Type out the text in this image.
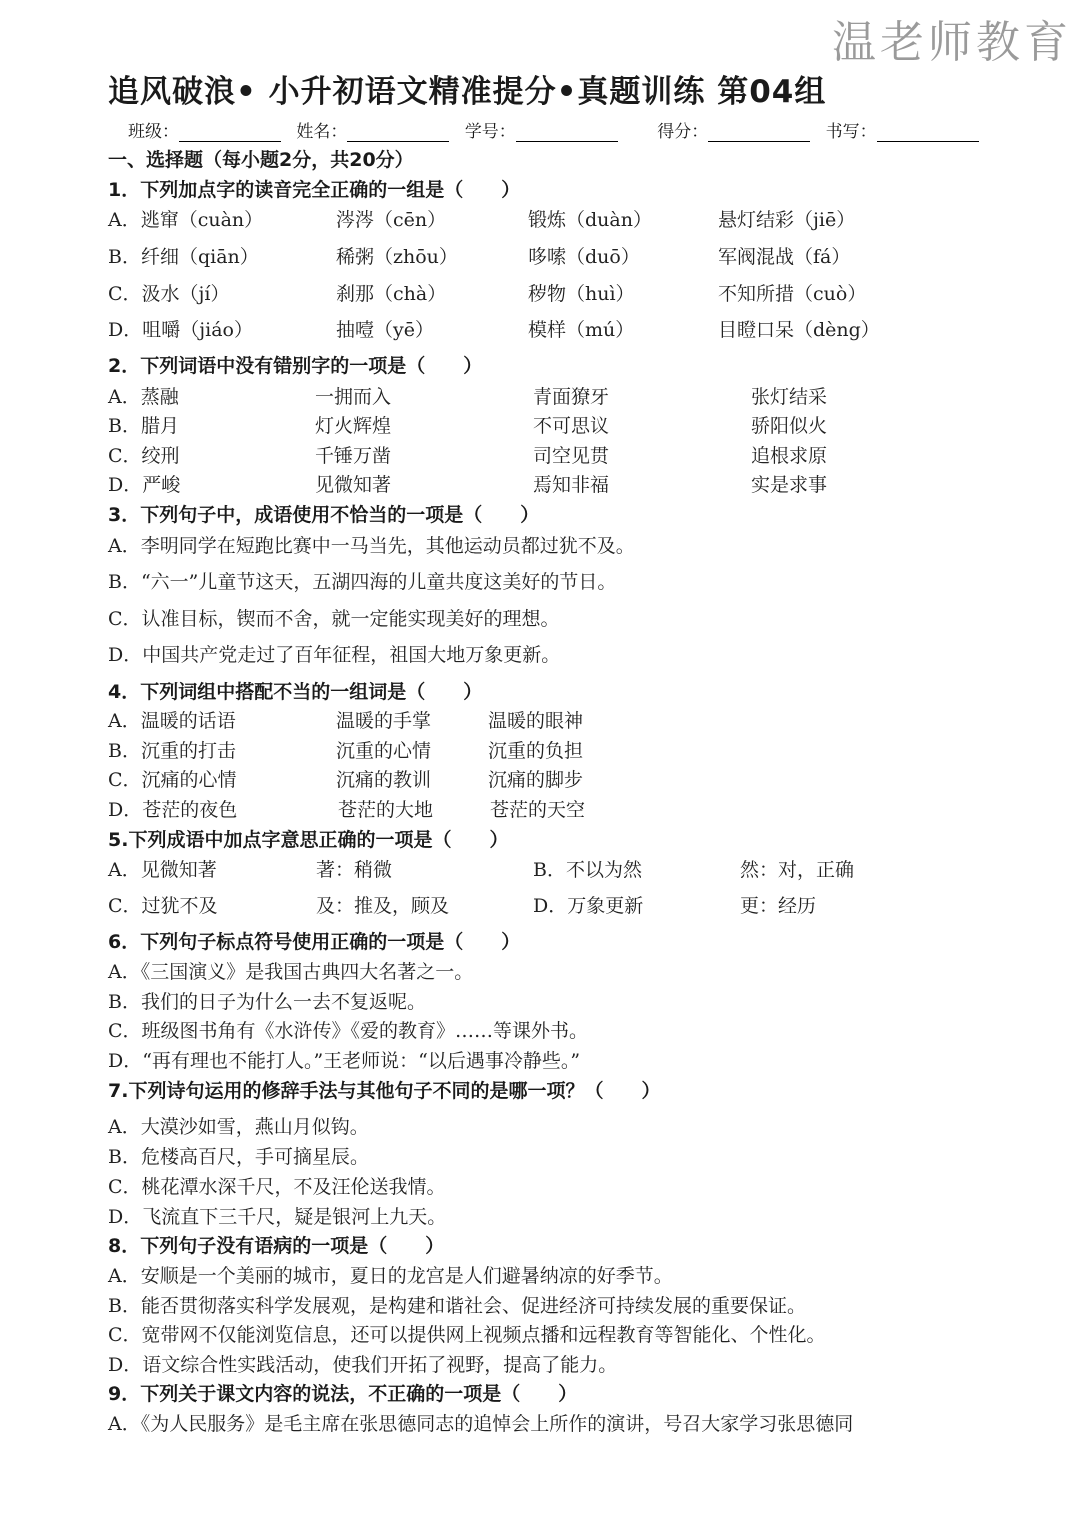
温老师教育
追风破浪• 小升初语文精准提分•真题训练 第04组
班级：	姓名：	学号：	得分：	书写：
一、选择题（每小题2分，共20分）
1．下列加点字的读音完全正确的一组是（　　）
A．逃窜（cuàn）	涔涔（cēn）	锻炼（duàn）	悬灯结彩（jiē）
B．纤细（qiān）	稀粥（zhōu）	哆嗦（duō）	军阀混战（fá）
C．汲水（jí）	刹那（chà）	秽物（huì）	不知所措（cuò）
D．咀嚼（jiáo）	抽噎（yē）	模样（mú）	目瞪口呆（dèng）
2．下列词语中没有错别字的一项是（　　）
A．蒸融	一拥而入	青面獠牙	张灯结采
B．腊月	灯火辉煌	不可思议	骄阳似火
C．绞刑	千锤万凿	司空见贯	追根求原
D．严峻	见微知著	焉知非福	实是求事
3．下列句子中，成语使用不恰当的一项是（　　）
A．李明同学在短跑比赛中一马当先，其他运动员都过犹不及。
B．“六一”儿童节这天，五湖四海的儿童共度这美好的节日。
C．认准目标，锲而不舍，就一定能实现美好的理想。
D．中国共产党走过了百年征程，祖国大地万象更新。
4．下列词组中搭配不当的一组词是（　　）
A．温暖的话语	温暖的手掌	温暖的眼神
B．沉重的打击	沉重的心情	沉重的负担
C．沉痛的心情	沉痛的教训	沉痛的脚步
D．苍茫的夜色	苍茫的大地	苍茫的天空
5.下列成语中加点字意思正确的一项是（　　）
A．见微知著	著：稍微	B．不以为然	然：对，正确
C．过犹不及	及：推及，顾及	D．万象更新	更：经历
6．下列句子标点符号使用正确的一项是（　　）
A．《三国演义》是我国古典四大名著之一。
B．我们的日子为什么一去不复返呢。
C．班级图书角有《水浒传》《爱的教育》……等课外书。
D．“再有理也不能打人。”王老师说：“以后遇事冷静些。”
7.下列诗句运用的修辞手法与其他句子不同的是哪一项？（　　）
A．大漠沙如雪，燕山月似钩。
B．危楼高百尺，手可摘星辰。
C．桃花潭水深千尺，不及汪伦送我情。
D．飞流直下三千尺，疑是银河上九天。
8．下列句子没有语病的一项是（　　）
A．安顺是一个美丽的城市，夏日的龙宫是人们避暑纳凉的好季节。
B．能否贯彻落实科学发展观，是构建和谐社会、促进经济可持续发展的重要保证。
C．宽带网不仅能浏览信息，还可以提供网上视频点播和远程教育等智能化、个性化。
D．语文综合性实践活动，使我们开拓了视野，提高了能力。
9．下列关于课文内容的说法，不正确的一项是（　　）
A．《为人民服务》是毛主席在张思德同志的追悼会上所作的演讲，号召大家学习张思德同
